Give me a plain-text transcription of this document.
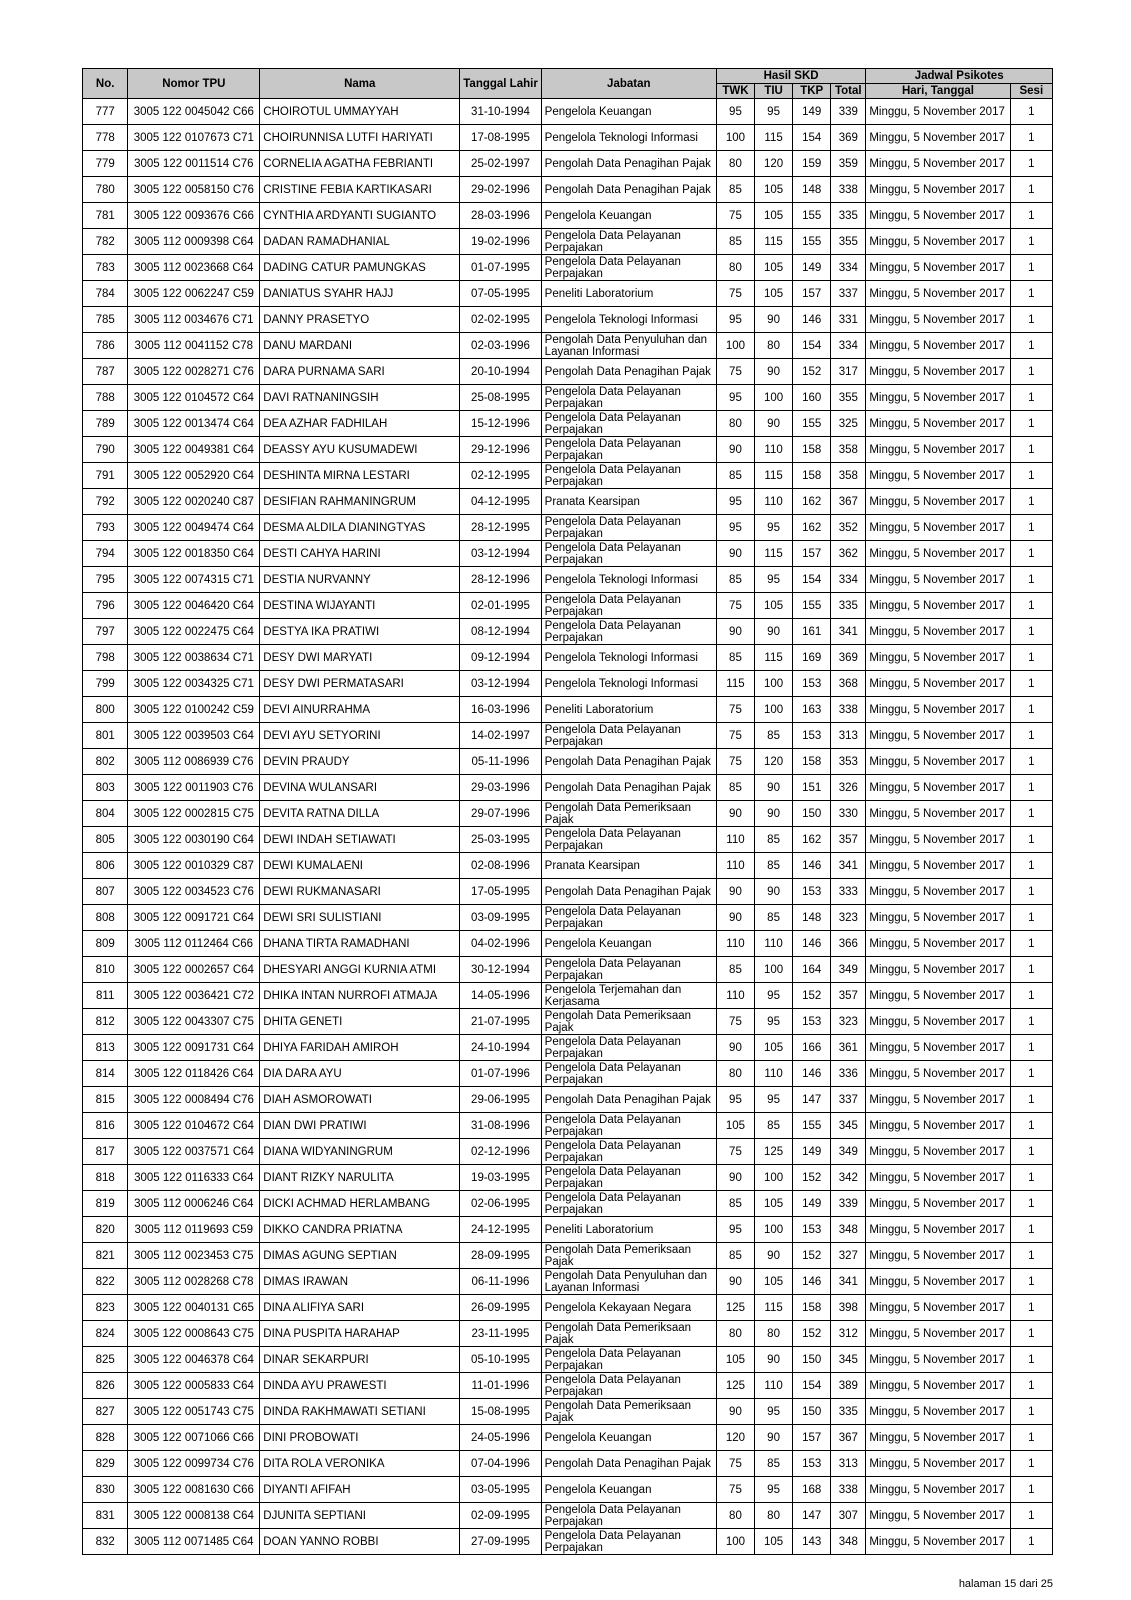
No.	Nomor TPU	Nama	Tanggal Lahir	Jabatan	Hasil SKD				Jadwal Psikotes	
					TWK	TIU	TKP	Total	Hari, Tanggal	Sesi
777	3005 122 0045042 C66	CHOIROTUL UMMAYYAH	31-10-1994	Pengelola Keuangan	95	95	149	339	Minggu, 5 November 2017	1
778	3005 122 0107673 C71	CHOIRUNNISA LUTFI HARIYATI	17-08-1995	Pengelola Teknologi Informasi	100	115	154	369	Minggu, 5 November 2017	1
779	3005 122 0011514 C76	CORNELIA AGATHA FEBRIANTI	25-02-1997	Pengolah Data Penagihan Pajak	80	120	159	359	Minggu, 5 November 2017	1
780	3005 122 0058150 C76	CRISTINE FEBIA KARTIKASARI	29-02-1996	Pengolah Data Penagihan Pajak	85	105	148	338	Minggu, 5 November 2017	1
781	3005 122 0093676 C66	CYNTHIA ARDYANTI SUGIANTO	28-03-1996	Pengelola Keuangan	75	105	155	335	Minggu, 5 November 2017	1
782	3005 112 0009398 C64	DADAN RAMADHANIAL	19-02-1996	Pengelola Data Pelayanan Perpajakan	85	115	155	355	Minggu, 5 November 2017	1
783	3005 112 0023668 C64	DADING CATUR PAMUNGKAS	01-07-1995	Pengelola Data Pelayanan Perpajakan	80	105	149	334	Minggu, 5 November 2017	1
784	3005 122 0062247 C59	DANIATUS SYAHR HAJJ	07-05-1995	Peneliti Laboratorium	75	105	157	337	Minggu, 5 November 2017	1
785	3005 112 0034676 C71	DANNY PRASETYO	02-02-1995	Pengelola Teknologi Informasi	95	90	146	331	Minggu, 5 November 2017	1
786	3005 112 0041152 C78	DANU MARDANI	02-03-1996	Pengolah Data Penyuluhan dan Layanan Informasi	100	80	154	334	Minggu, 5 November 2017	1
787	3005 122 0028271 C76	DARA PURNAMA SARI	20-10-1994	Pengolah Data Penagihan Pajak	75	90	152	317	Minggu, 5 November 2017	1
788	3005 122 0104572 C64	DAVI RATNANINGSIH	25-08-1995	Pengelola Data Pelayanan Perpajakan	95	100	160	355	Minggu, 5 November 2017	1
789	3005 122 0013474 C64	DEA AZHAR FADHILAH	15-12-1996	Pengelola Data Pelayanan Perpajakan	80	90	155	325	Minggu, 5 November 2017	1
790	3005 122 0049381 C64	DEASSY AYU KUSUMADEWI	29-12-1996	Pengelola Data Pelayanan Perpajakan	90	110	158	358	Minggu, 5 November 2017	1
791	3005 122 0052920 C64	DESHINTA MIRNA LESTARI	02-12-1995	Pengelola Data Pelayanan Perpajakan	85	115	158	358	Minggu, 5 November 2017	1
792	3005 122 0020240 C87	DESIFIAN RAHMANINGRUM	04-12-1995	Pranata Kearsipan	95	110	162	367	Minggu, 5 November 2017	1
793	3005 122 0049474 C64	DESMA ALDILA DIANINGTYAS	28-12-1995	Pengelola Data Pelayanan Perpajakan	95	95	162	352	Minggu, 5 November 2017	1
794	3005 122 0018350 C64	DESTI CAHYA HARINI	03-12-1994	Pengelola Data Pelayanan Perpajakan	90	115	157	362	Minggu, 5 November 2017	1
795	3005 122 0074315 C71	DESTIA NURVANNY	28-12-1996	Pengelola Teknologi Informasi	85	95	154	334	Minggu, 5 November 2017	1
796	3005 122 0046420 C64	DESTINA WIJAYANTI	02-01-1995	Pengelola Data Pelayanan Perpajakan	75	105	155	335	Minggu, 5 November 2017	1
797	3005 122 0022475 C64	DESTYA IKA PRATIWI	08-12-1994	Pengelola Data Pelayanan Perpajakan	90	90	161	341	Minggu, 5 November 2017	1
798	3005 122 0038634 C71	DESY DWI MARYATI	09-12-1994	Pengelola Teknologi Informasi	85	115	169	369	Minggu, 5 November 2017	1
799	3005 122 0034325 C71	DESY DWI PERMATASARI	03-12-1994	Pengelola Teknologi Informasi	115	100	153	368	Minggu, 5 November 2017	1
800	3005 122 0100242 C59	DEVI AINURRAHMA	16-03-1996	Peneliti Laboratorium	75	100	163	338	Minggu, 5 November 2017	1
801	3005 122 0039503 C64	DEVI AYU SETYORINI	14-02-1997	Pengelola Data Pelayanan Perpajakan	75	85	153	313	Minggu, 5 November 2017	1
802	3005 112 0086939 C76	DEVIN PRAUDY	05-11-1996	Pengolah Data Penagihan Pajak	75	120	158	353	Minggu, 5 November 2017	1
803	3005 122 0011903 C76	DEVINA WULANSARI	29-03-1996	Pengolah Data Penagihan Pajak	85	90	151	326	Minggu, 5 November 2017	1
804	3005 122 0002815 C75	DEVITA RATNA DILLA	29-07-1996	Pengolah Data Pemeriksaan Pajak	90	90	150	330	Minggu, 5 November 2017	1
805	3005 122 0030190 C64	DEWI INDAH SETIAWATI	25-03-1995	Pengelola Data Pelayanan Perpajakan	110	85	162	357	Minggu, 5 November 2017	1
806	3005 122 0010329 C87	DEWI KUMALAENI	02-08-1996	Pranata Kearsipan	110	85	146	341	Minggu, 5 November 2017	1
807	3005 122 0034523 C76	DEWI RUKMANASARI	17-05-1995	Pengolah Data Penagihan Pajak	90	90	153	333	Minggu, 5 November 2017	1
808	3005 122 0091721 C64	DEWI SRI SULISTIANI	03-09-1995	Pengelola Data Pelayanan Perpajakan	90	85	148	323	Minggu, 5 November 2017	1
809	3005 112 0112464 C66	DHANA TIRTA RAMADHANI	04-02-1996	Pengelola Keuangan	110	110	146	366	Minggu, 5 November 2017	1
810	3005 122 0002657 C64	DHESYARI ANGGI KURNIA ATMI	30-12-1994	Pengelola Data Pelayanan Perpajakan	85	100	164	349	Minggu, 5 November 2017	1
811	3005 122 0036421 C72	DHIKA INTAN NURROFI ATMAJA	14-05-1996	Pengelola Terjemahan dan Kerjasama	110	95	152	357	Minggu, 5 November 2017	1
812	3005 122 0043307 C75	DHITA GENETI	21-07-1995	Pengolah Data Pemeriksaan Pajak	75	95	153	323	Minggu, 5 November 2017	1
813	3005 122 0091731 C64	DHIYA FARIDAH AMIROH	24-10-1994	Pengelola Data Pelayanan Perpajakan	90	105	166	361	Minggu, 5 November 2017	1
814	3005 122 0118426 C64	DIA DARA AYU	01-07-1996	Pengelola Data Pelayanan Perpajakan	80	110	146	336	Minggu, 5 November 2017	1
815	3005 122 0008494 C76	DIAH ASMOROWATI	29-06-1995	Pengolah Data Penagihan Pajak	95	95	147	337	Minggu, 5 November 2017	1
816	3005 122 0104672 C64	DIAN DWI PRATIWI	31-08-1996	Pengelola Data Pelayanan Perpajakan	105	85	155	345	Minggu, 5 November 2017	1
817	3005 122 0037571 C64	DIANA WIDYANINGRUM	02-12-1996	Pengelola Data Pelayanan Perpajakan	75	125	149	349	Minggu, 5 November 2017	1
818	3005 122 0116333 C64	DIANT RIZKY NARULITA	19-03-1995	Pengelola Data Pelayanan Perpajakan	90	100	152	342	Minggu, 5 November 2017	1
819	3005 112 0006246 C64	DICKI ACHMAD HERLAMBANG	02-06-1995	Pengelola Data Pelayanan Perpajakan	85	105	149	339	Minggu, 5 November 2017	1
820	3005 112 0119693 C59	DIKKO CANDRA PRIATNA	24-12-1995	Peneliti Laboratorium	95	100	153	348	Minggu, 5 November 2017	1
821	3005 112 0023453 C75	DIMAS AGUNG SEPTIAN	28-09-1995	Pengolah Data Pemeriksaan Pajak	85	90	152	327	Minggu, 5 November 2017	1
822	3005 112 0028268 C78	DIMAS IRAWAN	06-11-1996	Pengolah Data Penyuluhan dan Layanan Informasi	90	105	146	341	Minggu, 5 November 2017	1
823	3005 122 0040131 C65	DINA ALIFIYA SARI	26-09-1995	Pengelola Kekayaan Negara	125	115	158	398	Minggu, 5 November 2017	1
824	3005 122 0008643 C75	DINA PUSPITA HARAHAP	23-11-1995	Pengolah Data Pemeriksaan Pajak	80	80	152	312	Minggu, 5 November 2017	1
825	3005 122 0046378 C64	DINAR SEKARPURI	05-10-1995	Pengelola Data Pelayanan Perpajakan	105	90	150	345	Minggu, 5 November 2017	1
826	3005 122 0005833 C64	DINDA AYU PRAWESTI	11-01-1996	Pengelola Data Pelayanan Perpajakan	125	110	154	389	Minggu, 5 November 2017	1
827	3005 122 0051743 C75	DINDA RAKHMAWATI SETIANI	15-08-1995	Pengolah Data Pemeriksaan Pajak	90	95	150	335	Minggu, 5 November 2017	1
828	3005 122 0071066 C66	DINI PROBOWATI	24-05-1996	Pengelola Keuangan	120	90	157	367	Minggu, 5 November 2017	1
829	3005 122 0099734 C76	DITA ROLA VERONIKA	07-04-1996	Pengolah Data Penagihan Pajak	75	85	153	313	Minggu, 5 November 2017	1
830	3005 122 0081630 C66	DIYANTI AFIFAH	03-05-1995	Pengelola Keuangan	75	95	168	338	Minggu, 5 November 2017	1
831	3005 122 0008138 C64	DJUNITA SEPTIANI	02-09-1995	Pengelola Data Pelayanan Perpajakan	80	80	147	307	Minggu, 5 November 2017	1
832	3005 112 0071485 C64	DOAN YANNO ROBBI	27-09-1995	Pengelola Data Pelayanan Perpajakan	100	105	143	348	Minggu, 5 November 2017	1
halaman 15 dari 25
